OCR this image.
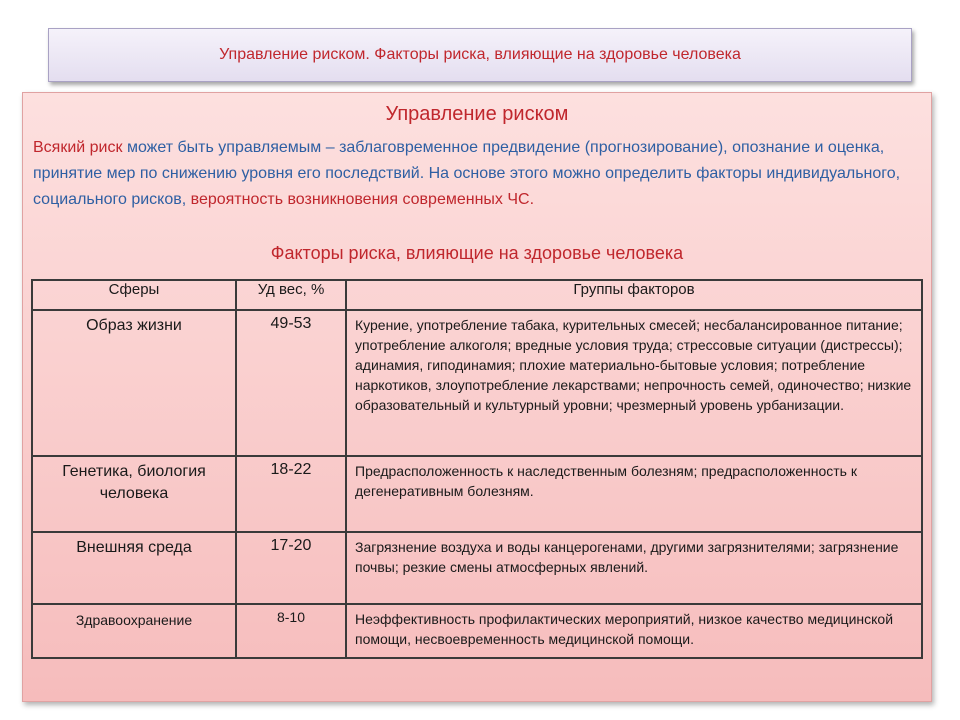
Управление риском. Факторы риска, влияющие на здоровье человека
Управление риском
Всякий риск может быть управляемым – заблаговременное предвидение (прогнозирование), опознание и оценка, принятие мер по снижению уровня его последствий. На основе этого можно определить факторы индивидуального, социального рисков, вероятность возникновения современных ЧС.
Факторы риска, влияющие на здоровье человека
Сферы	Уд вес, %	Группы факторов
Образ жизни	49-53	Курение, употребление табака, курительных смесей; несбалансированное питание; употребление алкоголя; вредные условия труда; стрессовые ситуации (дистрессы); адинамия, гиподинамия; плохие материально-бытовые условия; потребление наркотиков, злоупотребление лекарствами; непрочность семей, одиночество; низкие образовательный и культурный уровни; чрезмерный уровень урбанизации.
Генетика, биология человека	18-22	Предрасположенность к наследственным болезням; предрасположенность к дегенеративным болезням.
Внешняя среда	17-20	Загрязнение воздуха и воды канцерогенами, другими загрязнителями; загрязнение почвы; резкие смены атмосферных явлений.
Здравоохранение	8-10	Неэффективность профилактических мероприятий, низкое качество медицинской помощи, несвоевременность медицинской помощи.
